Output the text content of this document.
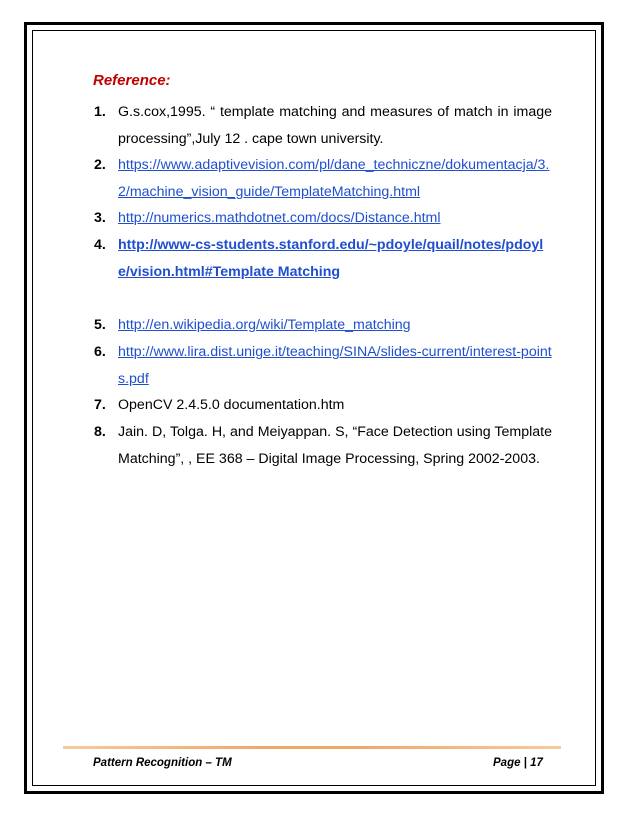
Reference:
1. G.s.cox,1995. “ template matching and measures of match in image processing”,July 12 . cape town university.
2. https://www.adaptivevision.com/pl/dane_techniczne/dokumentacja/3.2/machine_vision_guide/TemplateMatching.html
3. http://numerics.mathdotnet.com/docs/Distance.html
4. http://www-cs-students.stanford.edu/~pdoyle/quail/notes/pdoyle/vision.html#Template Matching
5. http://en.wikipedia.org/wiki/Template_matching
6. http://www.lira.dist.unige.it/teaching/SINA/slides-current/interest-points.pdf
7. OpenCV 2.4.5.0 documentation.htm
8. Jain. D, Tolga. H, and Meiyappan. S, “Face Detection using Template Matching”, , EE 368 – Digital Image Processing, Spring 2002-2003.
Pattern Recognition – TM	Page | 17
